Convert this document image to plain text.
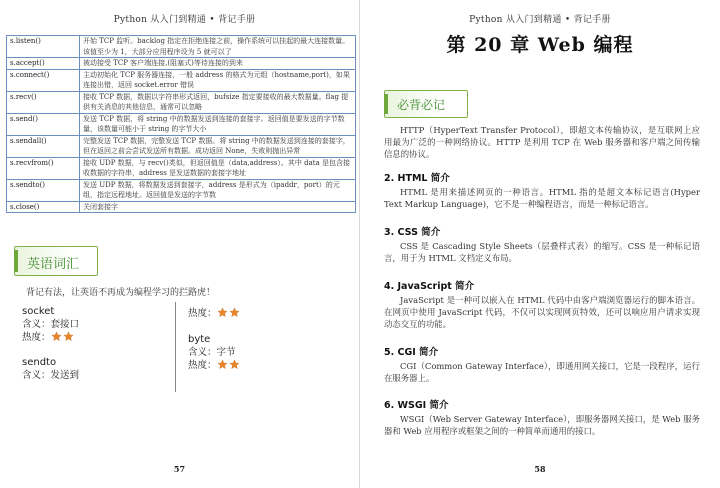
Python 从入门到精通 • 背记手册
s.listen()	开始 TCP 监听。backlog 指定在拒绝连接之前，操作系统可以挂起的最大连接数量。该值至少为 1，大部分应用程序设为 5 就可以了
s.accept()	被动接受 TCP 客户端连接,(阻塞式)等待连接的到来
s.connect()	主动初始化 TCP 服务器连接，一般 address 的格式为元组（hostname,port)，如果连接出错，返回 socket.error 错误
s.recv()	接收 TCP 数据，数据以字符串形式返回，bufsize 指定要接收的最大数据量。flag 提供有关消息的其他信息，通常可以忽略
s.send()	发送 TCP 数据，将 string 中的数据发送到连接的套接字。返回值是要发送的字节数量，该数量可能小于 string 的字节大小
s.sendall()	完整发送 TCP 数据，完整发送 TCP 数据。将 string 中的数据发送到连接的套接字，但在返回之前会尝试发送所有数据。成功返回 None，失败则抛出异常
s.recvfrom()	接收 UDP 数据，与 recv()类似，但返回值是（data,address）。其中 data 是包含接收数据的字符串，address 是发送数据的套接字地址
s.sendto()	发送 UDP 数据，将数据发送到套接字，address 是形式为（ipaddr，port）的元组，指定远程地址。返回值是发送的字节数
s.close()	关闭套接字
英语词汇
背记有法，让英语不再成为编程学习的拦路虎！
socket
含义：套接口
热度：
sendto
含义：发送到
热度：
byte
含义：字节
热度：
57
Python 从入门到精通 • 背记手册
第 20 章 Web 编程
必背必记
HTTP（HyperText Transfer Protocol），即超文本传输协议，是互联网上应用最为广泛的一种网络协议。HTTP 是利用 TCP 在 Web 服务器和客户端之间传输信息的协议。
2. HTML 简介
HTML 是用来描述网页的一种语言。HTML 指的是超文本标记语言(Hyper Text Markup Language)，它不是一种编程语言，而是一种标记语言。
3. CSS 简介
CSS 是 Cascading Style Sheets（层叠样式表）的缩写。CSS 是一种标记语言，用于为 HTML 文档定义布局。
4. JavaScript 简介
JavaScript 是一种可以嵌入在 HTML 代码中由客户端浏览器运行的脚本语言。在网页中使用 JavaScript 代码，不仅可以实现网页特效，还可以响应用户请求实现动态交互的功能。
5. CGI 简介
CGI（Common Gateway Interface），即通用网关接口，它是一段程序，运行在服务器上。
6. WSGI 简介
WSGI（Web Server Gateway Interface），即服务器网关接口，是 Web 服务器和 Web 应用程序或框架之间的一种简单而通用的接口。
58
